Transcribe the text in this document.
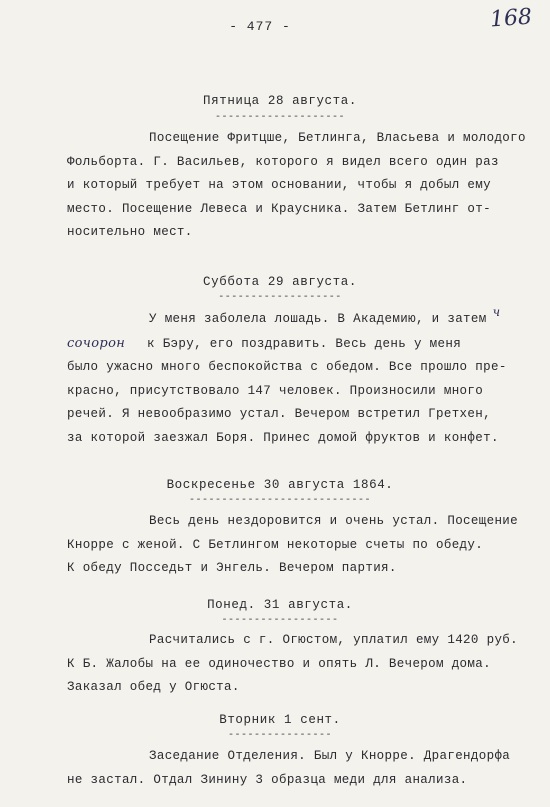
- 477 -	168
Пятница 28 августа.
--------------------
Посещение Фритцше, Бетлинга, Власьева и молодого
Фольборта. Г. Васильев, которого я видел всего один раз
и который требует на этом основании, чтобы я добыл ему
место. Посещение Левеса и Краусника. Затем Бетлинг от-
носительно мест.
Суббота 29 августа.
-------------------
У меня заболела лошадь. В Академию, и затем ч
сочорон к Бэру, его поздравить. Весь день у меня
было ужасно много беспокойства с обедом. Все прошло пре-
красно, присутствовало 147 человек. Произносили много
речей. Я невообразимо устал. Вечером встретил Гретхен,
за которой заезжал Боря. Принес домой фруктов и конфет.
Воскресенье 30 августа 1864.
----------------------------
Весь день нездоровится и очень устал. Посещение
Кнорре с женой. С Бетлингом некоторые счеты по обеду.
К обеду Посседьт и Энгель. Вечером партия.
Понед. 31 августа.
------------------
Расчитались с г. Огюстом, уплатил ему 1420 руб.
К Б. Жалобы на ее одиночество и опять Л. Вечером дома.
Заказал обед у Огюста.
Вторник 1 сент.
----------------
Заседание Отделения. Был у Кнорре. Драгендорфа
не застал. Отдал Зинину 3 образца меди для анализа.
